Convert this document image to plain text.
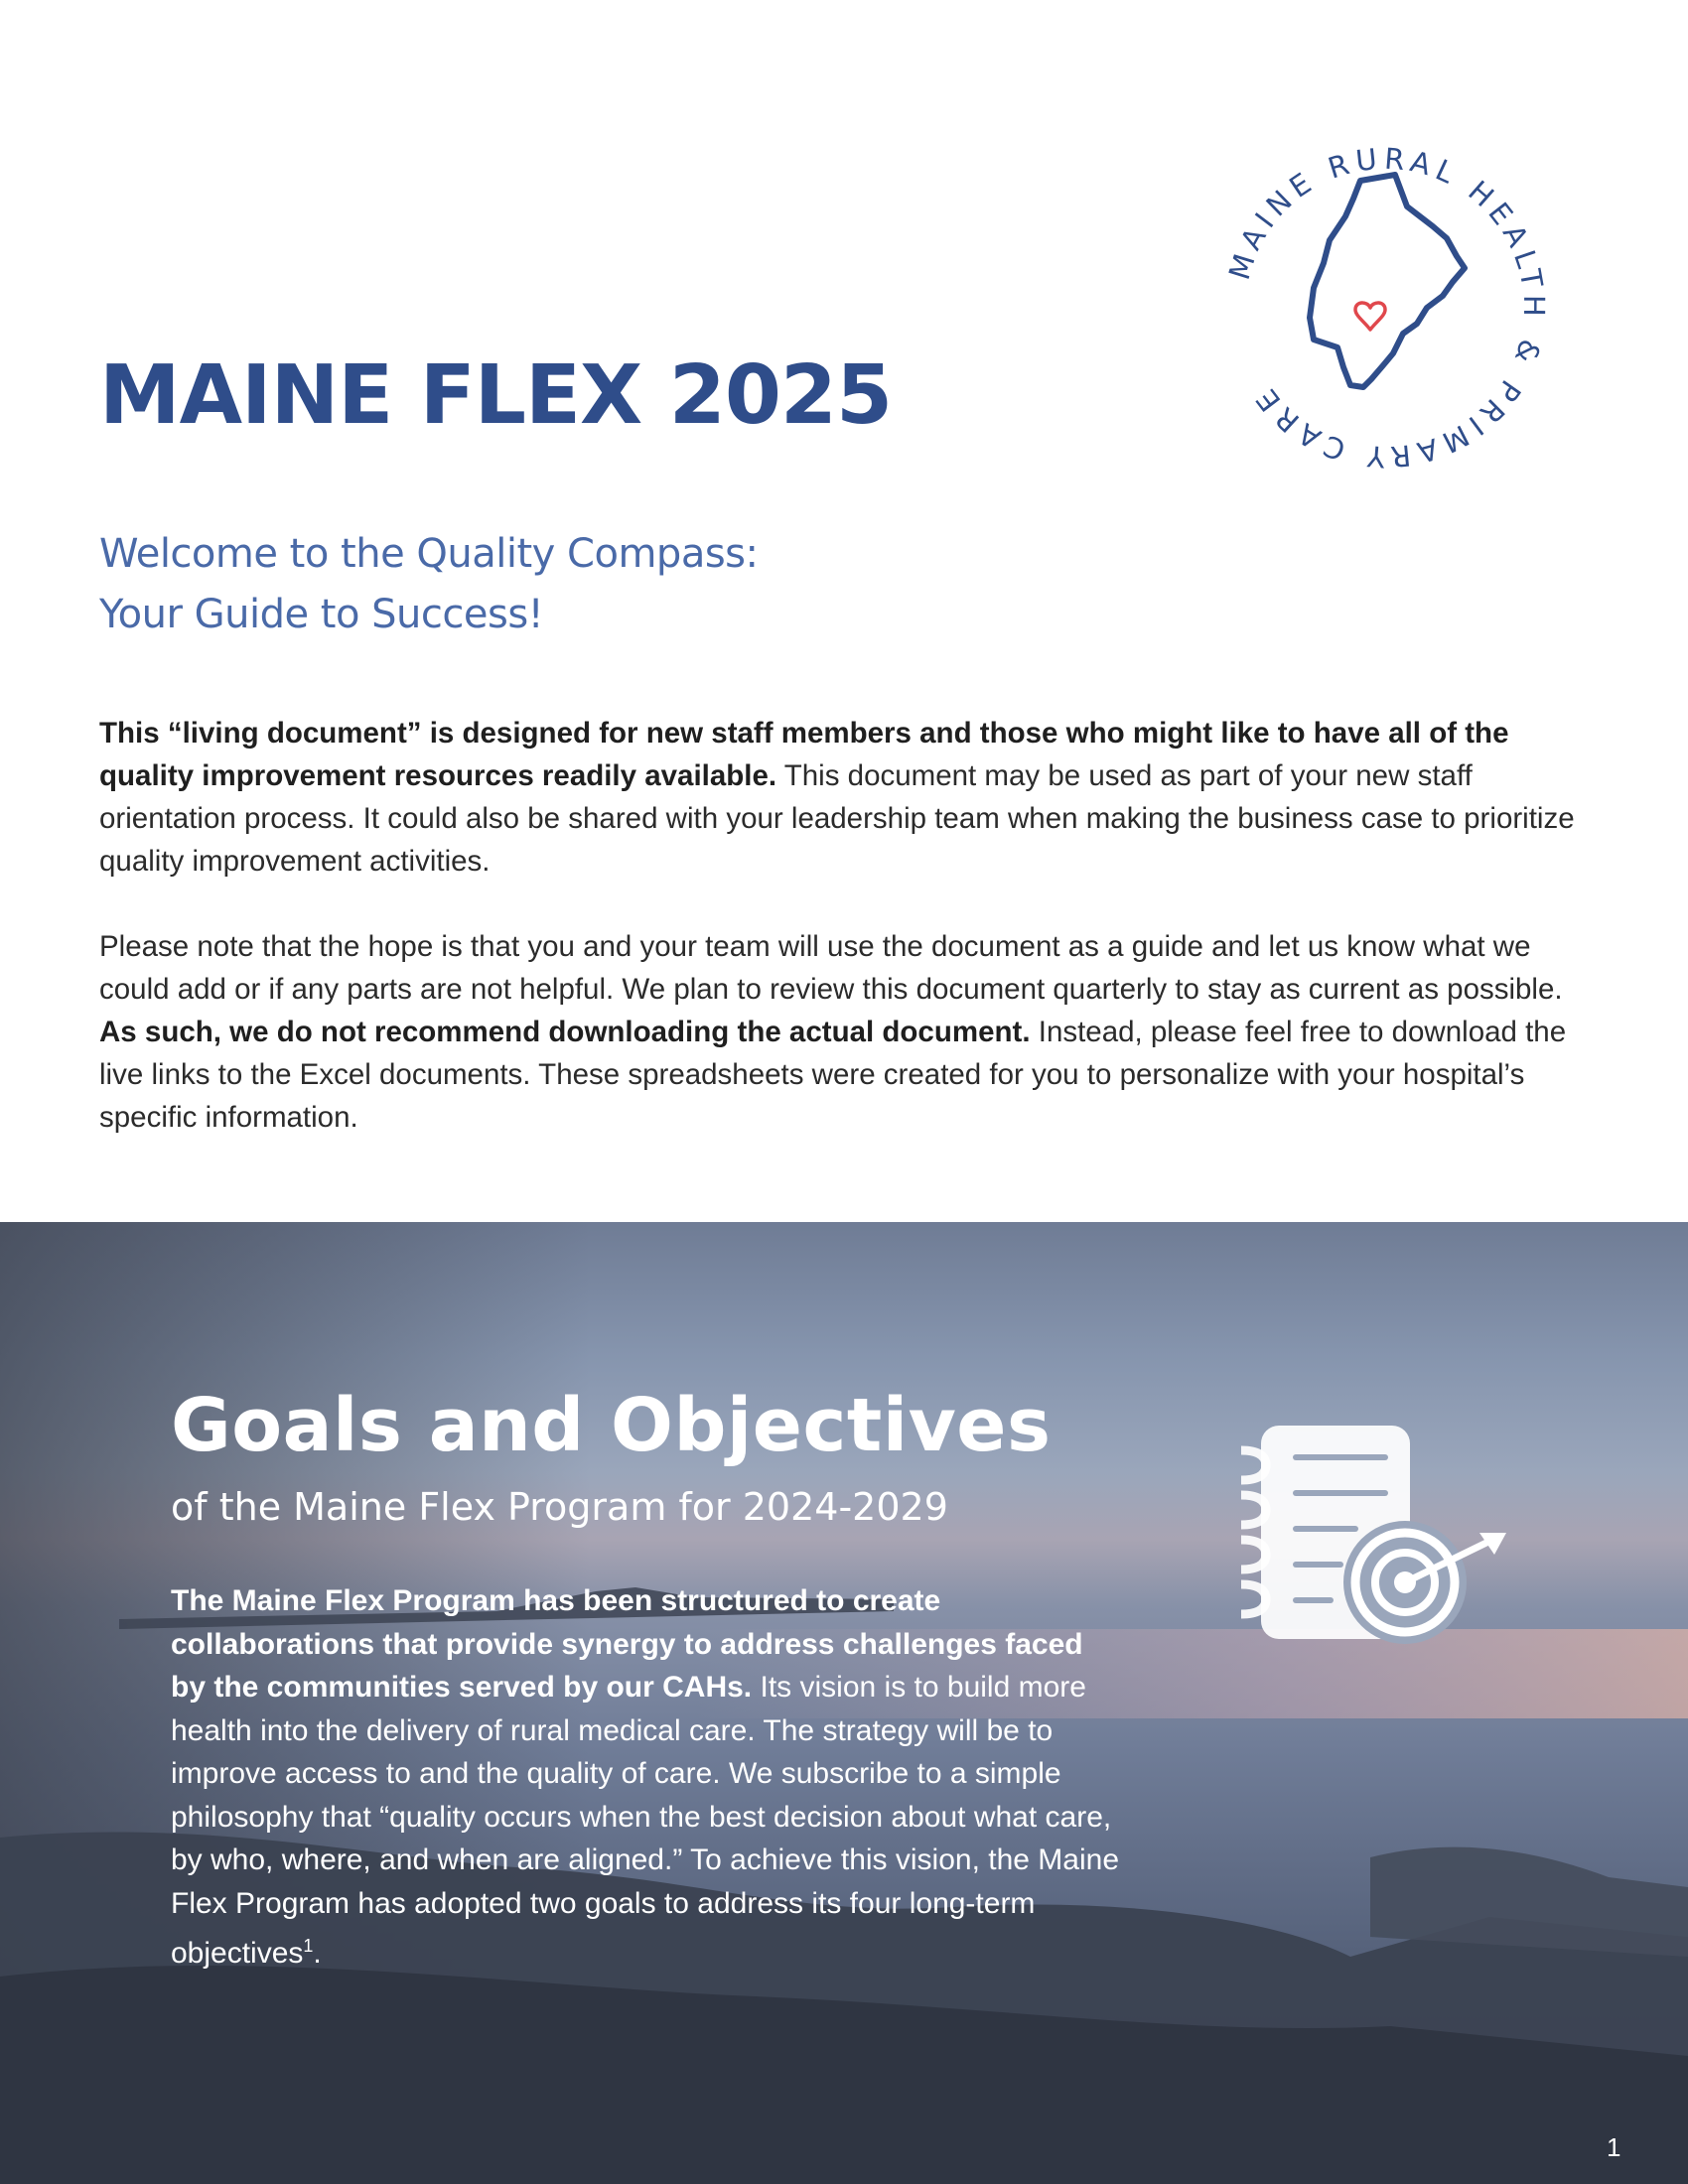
MAINE RURAL HEALTH & PRIMARY CARE
MAINE FLEX 2025
Welcome to the Quality Compass:
Your Guide to Success!

This “living document” is designed for new staff members and those who might like to have all of the quality improvement resources readily available. This document may be used as part of your new staff orientation process. It could also be shared with your leadership team when making the business case to prioritize quality improvement activities.

Please note that the hope is that you and your team will use the document as a guide and let us know what we could add or if any parts are not helpful. We plan to review this document quarterly to stay as current as possible. As such, we do not recommend downloading the actual document. Instead, please feel free to download the live links to the Excel documents. These spreadsheets were created for you to personalize with your hospital’s specific information.

Goals and Objectives
of the Maine Flex Program for 2024-2029

The Maine Flex Program has been structured to create collaborations that provide synergy to address challenges faced by the communities served by our CAHs. Its vision is to build more health into the delivery of rural medical care. The strategy will be to improve access to and the quality of care. We subscribe to a simple philosophy that “quality occurs when the best decision about what care, by who, where, and when are aligned.” To achieve this vision, the Maine Flex Program has adopted two goals to address its four long-term objectives$^1$.

1
